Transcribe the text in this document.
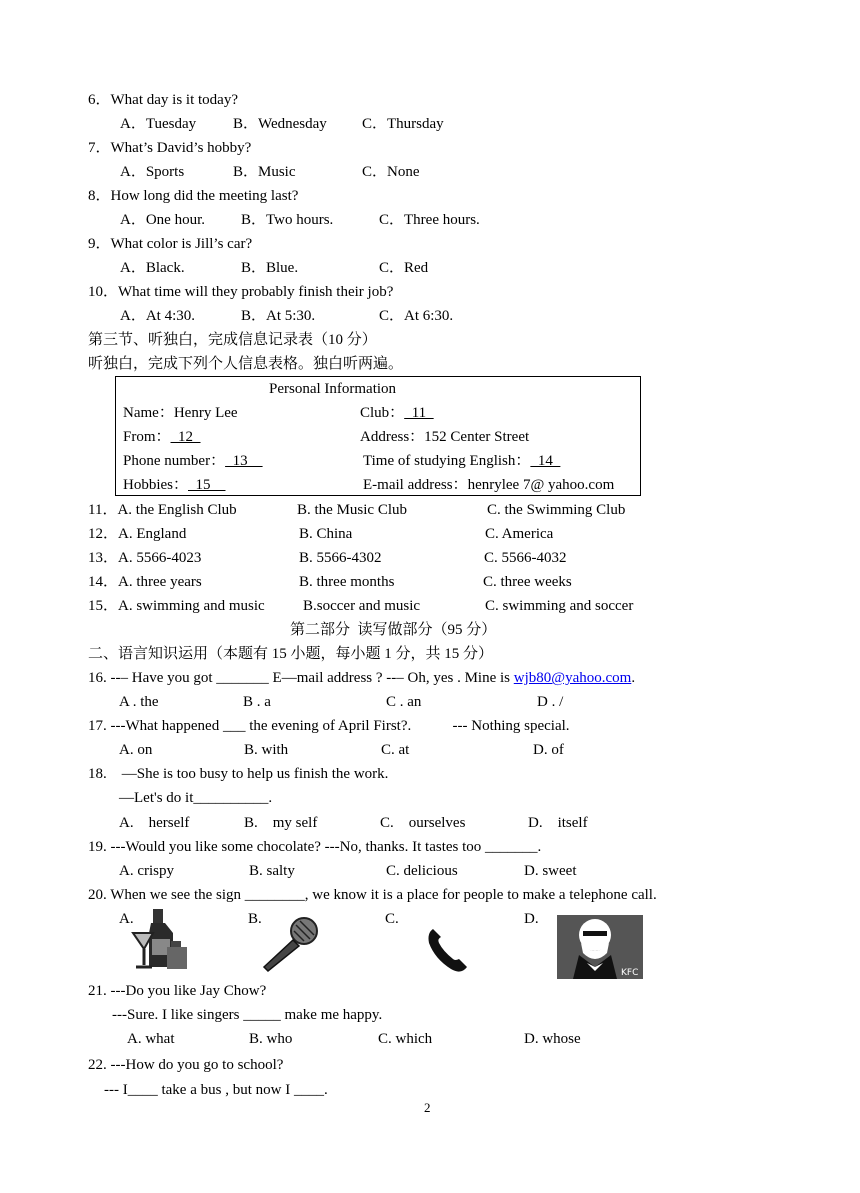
6．What day is it today?
A．Tuesday B．Wednesday C．Thursday
7．What’s David’s hobby?
A．Sports	B．Music	C．None
8．How long did the meeting last?
A．One hour. B．Two hours.	C．Three hours.
9．What color is Jill’s car?
A．Black.	B．Blue.	C．Red
10．What time will they probably finish their job?
A．At 4:30.	B．At 5:30.	C．At 6:30.
第三节、听独白，完成信息记录表（10 分）
听独白，完成下列个人信息表格。独白听两遍。
Personal Information
Name：Henry Lee	Club：  11
From：  12	Address：152 Center Street
Phone number：  13	Time of studying English：  14
Hobbies：  15	E-mail address：henrylee 7@ yahoo.com
11．A. the English Club	B. the Music Club	C. the Swimming Club
12．A. England	B. China	C. America
13．A. 5566-4023	B. 5566-4302	C. 5566-4032
14．A. three years	B. three months	C. three weeks
15．A. swimming and music	B.soccer and music	C. swimming and soccer
第二部分  读写做部分（95 分）
二、语言知识运用（本题有 15 小题，每小题 1 分，共 15 分）
16. --– Have you got _______ E—mail address ? --– Oh, yes . Mine is wjb80@yahoo.com.
A . the	B . a	C . an	D . /
17. ---What happened ___ the evening of April First?.           --- Nothing special.
A. on	B. with	C. at	D. of
18.    —She is too busy to help us finish the work.
—Let's do it__________.
A.    herself	B.    my self	C.    ourselves	D.    itself
19. ---Would you like some chocolate? ---No, thanks. It tastes too _______.
A. crispy	B. salty	C. delicious	D. sweet
20. When we see the sign ________, we know it is a place for people to make a telephone call.
A.	B.	C.	D.
KFC
21. ---Do you like Jay Chow?
---Sure. I like singers _____ make me happy.
A. what	B. who	C. which	D. whose
22. ---How do you go to school?
--- I____ take a bus , but now I ____.
2
